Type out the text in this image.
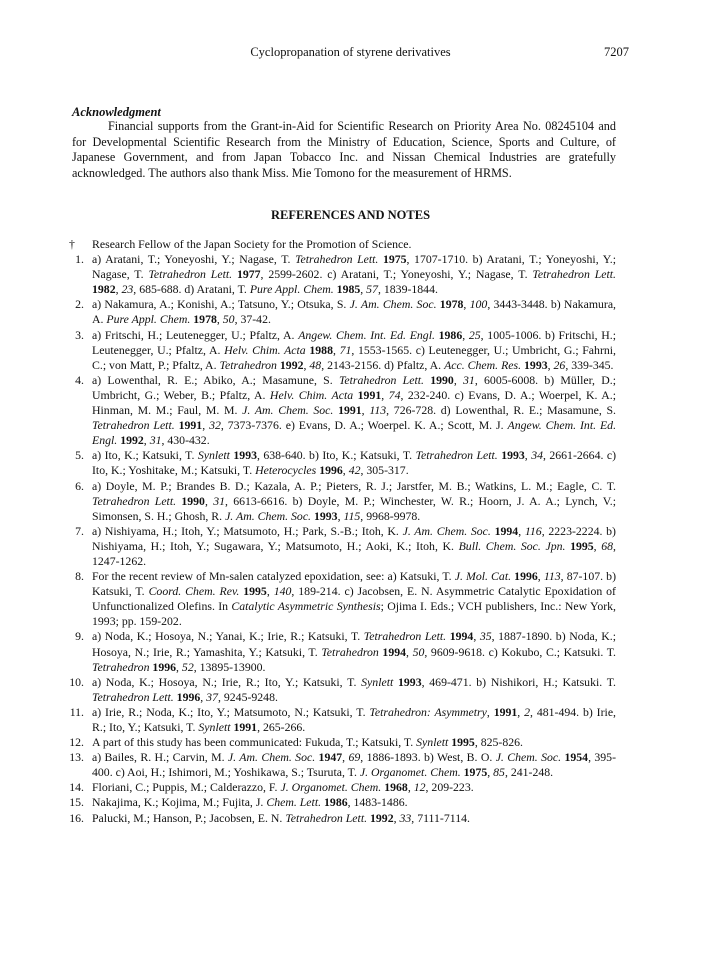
Cyclopropanation of styrene derivatives	7207
Acknowledgment
Financial supports from the Grant-in-Aid for Scientific Research on Priority Area No. 08245104 and for Developmental Scientific Research from the Ministry of Education, Science, Sports and Culture, of Japanese Government, and from Japan Tobacco Inc. and Nissan Chemical Industries are gratefully acknowledged. The authors also thank Miss. Mie Tomono for the measurement of HRMS.
REFERENCES AND NOTES
†	Research Fellow of the Japan Society for the Promotion of Science.
1. a) Aratani, T.; Yoneyoshi, Y.; Nagase, T. Tetrahedron Lett. 1975, 1707-1710. b) Aratani, T.; Yoneyoshi, Y.; Nagase, T. Tetrahedron Lett. 1977, 2599-2602. c) Aratani, T.; Yoneyoshi, Y.; Nagase, T. Tetrahedron Lett. 1982, 23, 685-688. d) Aratani, T. Pure Appl. Chem. 1985, 57, 1839-1844.
2. a) Nakamura, A.; Konishi, A.; Tatsuno, Y.; Otsuka, S. J. Am. Chem. Soc. 1978, 100, 3443-3448. b) Nakamura, A. Pure Appl. Chem. 1978, 50, 37-42.
3. a) Fritschi, H.; Leutenegger, U.; Pfaltz, A. Angew. Chem. Int. Ed. Engl. 1986, 25, 1005-1006. b) Fritschi, H.; Leutenegger, U.; Pfaltz, A. Helv. Chim. Acta 1988, 71, 1553-1565. c) Leutenegger, U.; Umbricht, G.; Fahrni, C.; von Matt, P.; Pfaltz, A. Tetrahedron 1992, 48, 2143-2156. d) Pfaltz, A. Acc. Chem. Res. 1993, 26, 339-345.
4. a) Lowenthal, R. E.; Abiko, A.; Masamune, S. Tetrahedron Lett. 1990, 31, 6005-6008. b) Müller, D.; Umbricht, G.; Weber, B.; Pfaltz, A. Helv. Chim. Acta 1991, 74, 232-240. c) Evans, D. A.; Woerpel, K. A.; Hinman, M. M.; Faul, M. M. J. Am. Chem. Soc. 1991, 113, 726-728. d) Lowenthal, R. E.; Masamune, S. Tetrahedron Lett. 1991, 32, 7373-7376. e) Evans, D. A.; Woerpel. K. A.; Scott, M. J. Angew. Chem. Int. Ed. Engl. 1992, 31, 430-432.
5. a) Ito, K.; Katsuki, T. Synlett 1993, 638-640. b) Ito, K.; Katsuki, T. Tetrahedron Lett. 1993, 34, 2661-2664. c) Ito, K.; Yoshitake, M.; Katsuki, T. Heterocycles 1996, 42, 305-317.
6. a) Doyle, M. P.; Brandes B. D.; Kazala, A. P.; Pieters, R. J.; Jarstfer, M. B.; Watkins, L. M.; Eagle, C. T. Tetrahedron Lett. 1990, 31, 6613-6616. b) Doyle, M. P.; Winchester, W. R.; Hoorn, J. A. A.; Lynch, V.; Simonsen, S. H.; Ghosh, R. J. Am. Chem. Soc. 1993, 115, 9968-9978.
7. a) Nishiyama, H.; Itoh, Y.; Matsumoto, H.; Park, S.-B.; Itoh, K. J. Am. Chem. Soc. 1994, 116, 2223-2224. b) Nishiyama, H.; Itoh, Y.; Sugawara, Y.; Matsumoto, H.; Aoki, K.; Itoh, K. Bull. Chem. Soc. Jpn. 1995, 68, 1247-1262.
8. For the recent review of Mn-salen catalyzed epoxidation, see: a) Katsuki, T. J. Mol. Cat. 1996, 113, 87-107. b) Katsuki, T. Coord. Chem. Rev. 1995, 140, 189-214. c) Jacobsen, E. N. Asymmetric Catalytic Epoxidation of Unfunctionalized Olefins. In Catalytic Asymmetric Synthesis; Ojima I. Eds.; VCH publishers, Inc.: New York, 1993; pp. 159-202.
9. a) Noda, K.; Hosoya, N.; Yanai, K.; Irie, R.; Katsuki, T. Tetrahedron Lett. 1994, 35, 1887-1890. b) Noda, K.; Hosoya, N.; Irie, R.; Yamashita, Y.; Katsuki, T. Tetrahedron 1994, 50, 9609-9618. c) Kokubo, C.; Katsuki. T. Tetrahedron 1996, 52, 13895-13900.
10. a) Noda, K.; Hosoya, N.; Irie, R.; Ito, Y.; Katsuki, T. Synlett 1993, 469-471. b) Nishikori, H.; Katsuki. T. Tetrahedron Lett. 1996, 37, 9245-9248.
11. a) Irie, R.; Noda, K.; Ito, Y.; Matsumoto, N.; Katsuki, T. Tetrahedron: Asymmetry, 1991, 2, 481-494. b) Irie, R.; Ito, Y.; Katsuki, T. Synlett 1991, 265-266.
12. A part of this study has been communicated: Fukuda, T.; Katsuki, T. Synlett 1995, 825-826.
13. a) Bailes, R. H.; Carvin, M. J. Am. Chem. Soc. 1947, 69, 1886-1893. b) West, B. O. J. Chem. Soc. 1954, 395-400. c) Aoi, H.; Ishimori, M.; Yoshikawa, S.; Tsuruta, T. J. Organomet. Chem. 1975, 85, 241-248.
14. Floriani, C.; Puppis, M.; Calderazzo, F. J. Organomet. Chem. 1968, 12, 209-223.
15. Nakajima, K.; Kojima, M.; Fujita, J. Chem. Lett. 1986, 1483-1486.
16. Palucki, M.; Hanson, P.; Jacobsen, E. N. Tetrahedron Lett. 1992, 33, 7111-7114.
